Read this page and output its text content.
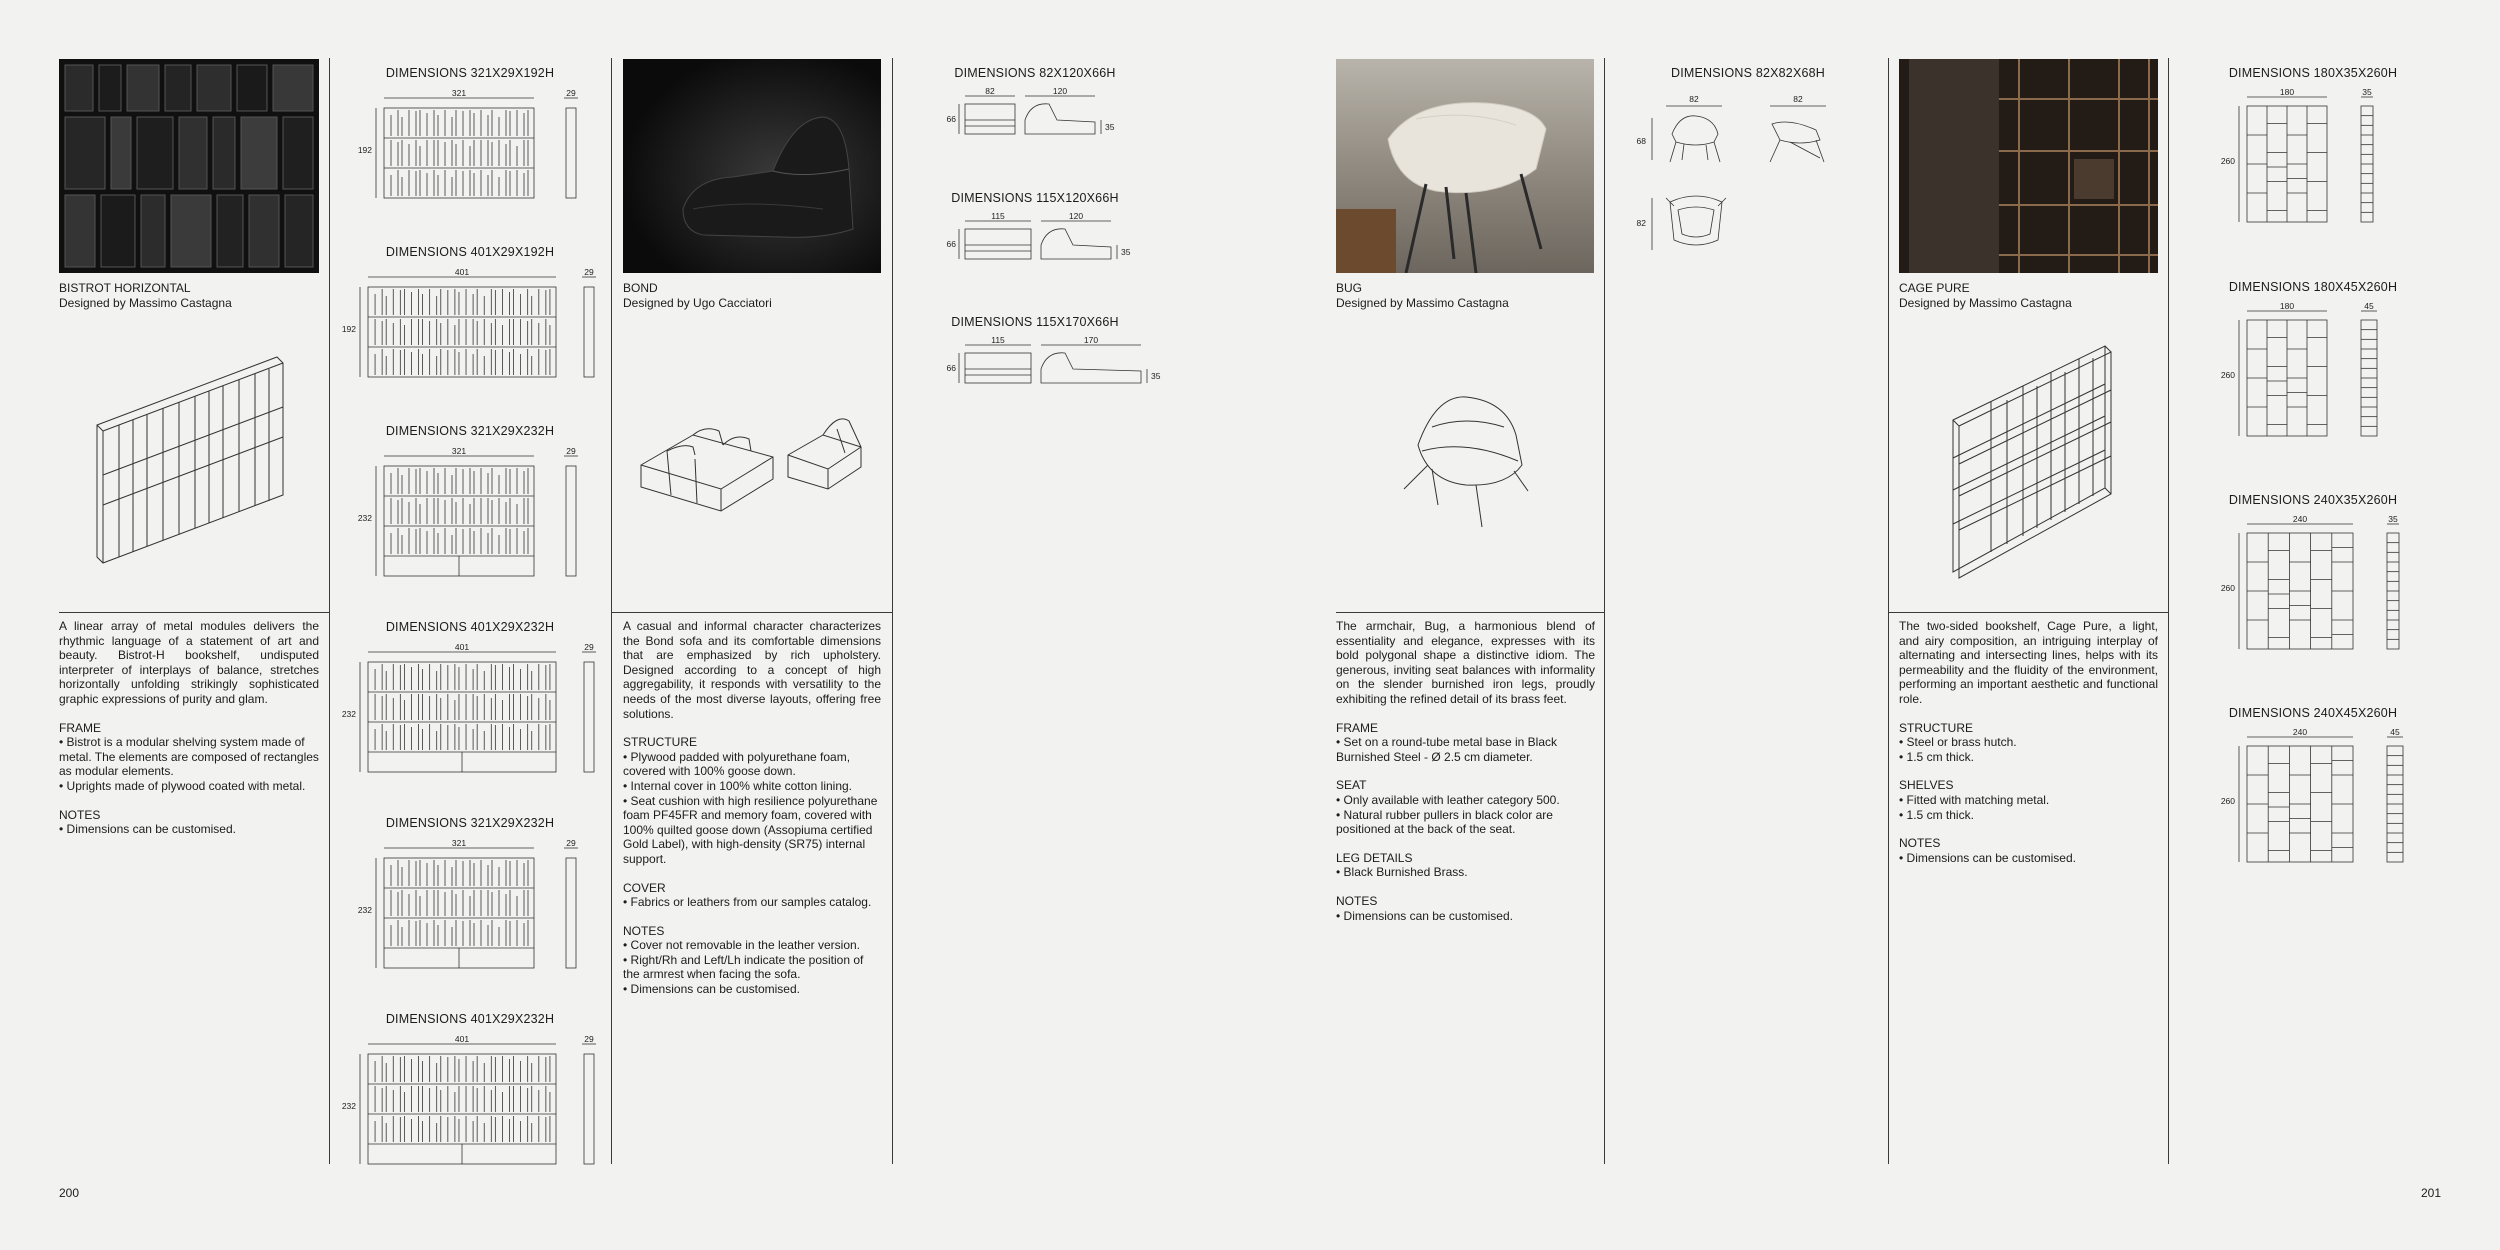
BISTROT HORIZONTAL
Designed by Massimo Castagna
A linear array of metal modules delivers the rhythmic language of a statement of art and beauty. Bistrot-H bookshelf, undisputed interpreter of interplays of balance, stretches horizontally unfolding strikingly sophisticated graphic expressions of purity and glam.
FRAME
• Bistrot is a modular shelving system made of metal. The elements are composed of rectangles as modular elements.
• Uprights made of plywood coated with metal.
NOTES
• Dimensions can be customised.
DIMENSIONS 321X29X192H
321	29
192
DIMENSIONS 401X29X192H
401	29
192
DIMENSIONS 321X29X232H
321	29
232
DIMENSIONS 401X29X232H
401	29
232
DIMENSIONS 321X29X232H
321	29
232
DIMENSIONS 401X29X232H
401	29
232
BOND
Designed by Ugo Cacciatori
A casual and informal character characterizes the Bond sofa and its comfortable dimensions that are emphasized by rich upholstery. Designed according to a concept of high aggregability, it responds with versatility to the needs of the most diverse layouts, offering free solutions.
STRUCTURE
• Plywood padded with polyurethane foam, covered with 100% goose down.
• Internal cover in 100% white cotton lining.
• Seat cushion with high resilience polyurethane foam PF45FR and memory foam, covered with 100% quilted goose down (Assopiuma certified Gold Label), with high-density (SR75) internal support.
COVER
• Fabrics or leathers from our samples catalog.
NOTES
• Cover not removable in the leather version.
• Right/Rh and Left/Lh indicate the position of the armrest when facing the sofa.
• Dimensions can be customised.
DIMENSIONS 82X120X66H
82	120
66
35
DIMENSIONS 115X120X66H
115	120
66
35
DIMENSIONS 115X170X66H
115	170
66
35
BUG
Designed by Massimo Castagna
The armchair, Bug, a harmonious blend of essentiality and elegance, expresses with its bold polygonal shape a distinctive idiom. The generous, inviting seat balances with informality on the slender burnished iron legs, proudly exhibiting the refined detail of its brass feet.
FRAME
• Set on a round-tube metal base in Black Burnished Steel - Ø 2.5 cm diameter.
SEAT
• Only available with leather category 500.
• Natural rubber pullers in black color are positioned at the back of the seat.
LEG DETAILS
• Black Burnished Brass.
NOTES
• Dimensions can be customised.
DIMENSIONS 82X82X68H
82	82
68
82
CAGE PURE
Designed by Massimo Castagna
The two-sided bookshelf, Cage Pure, a light, and airy composition, an intriguing interplay of alternating and intersecting lines, helps with its permeability and the fluidity of the environment, performing an important aesthetic and functional role.
STRUCTURE
• Steel or brass hutch.
• 1.5 cm thick.
SHELVES
• Fitted with matching metal.
• 1.5 cm thick.
NOTES
• Dimensions can be customised.
DIMENSIONS 180X35X260H
180	35
260
DIMENSIONS 180X45X260H
180	45
260
DIMENSIONS 240X35X260H
240	35
260
DIMENSIONS 240X45X260H
240	45
260
200	201
